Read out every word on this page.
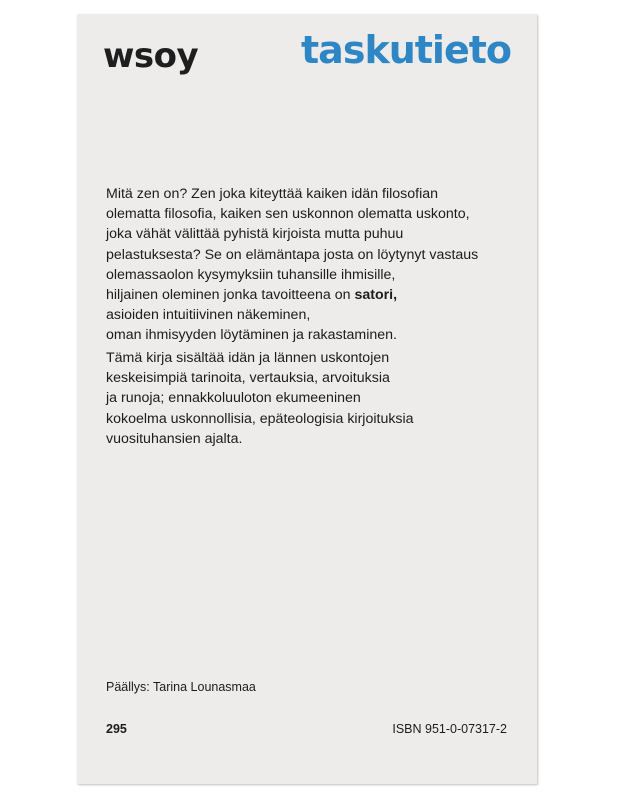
wsoy	taskutieto

Mitä zen on? Zen joka kiteyttää kaiken idän filosofian
olematta filosofia, kaiken sen uskonnon olematta uskonto,
joka vähät välittää pyhistä kirjoista mutta puhuu
pelastuksesta? Se on elämäntapa josta on löytynyt vastaus
olemassaolon kysymyksiin tuhansille ihmisille,
hiljainen oleminen jonka tavoitteena on satori,
asioiden intuitiivinen näkeminen,
oman ihmisyyden löytäminen ja rakastaminen.

Tämä kirja sisältää idän ja lännen uskontojen
keskeisimpiä tarinoita, vertauksia, arvoituksia
ja runoja; ennakkoluuloton ekumeeninen
kokoelma uskonnollisia, epäteologisia kirjoituksia
vuosituhansien ajalta.

Päällys: Tarina Lounasmaa
295	ISBN 951-0-07317-2
